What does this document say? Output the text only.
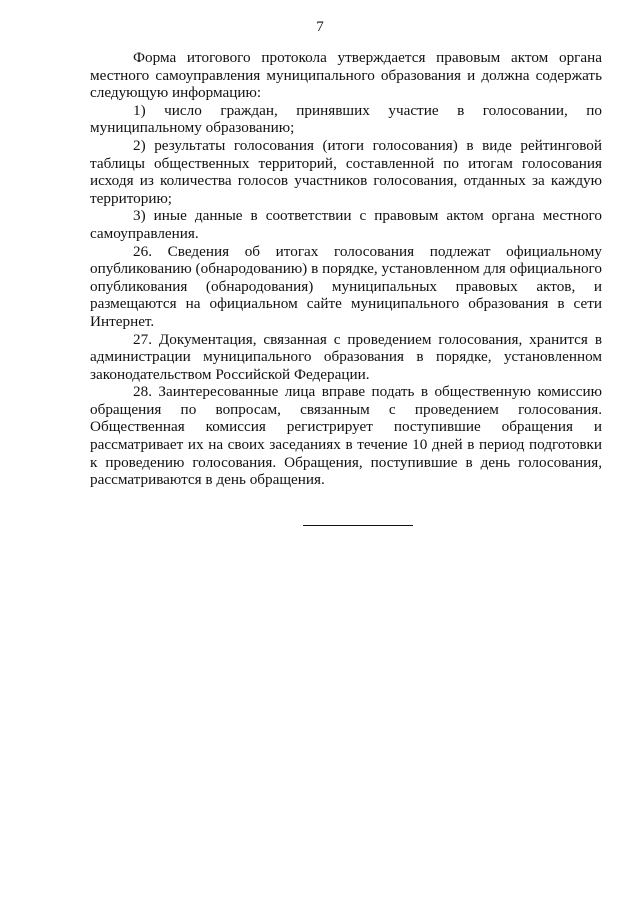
7

Форма итогового протокола утверждается правовым актом органа местного самоуправления муниципального образования и должна содержать следующую информацию:

1) число граждан, принявших участие в голосовании, по муниципальному образованию;

2) результаты голосования (итоги голосования) в виде рейтинговой таблицы общественных территорий, составленной по итогам голосования исходя из количества голосов участников голосования, отданных за каждую территорию;

3) иные данные в соответствии с правовым актом органа местного самоуправления.

26. Сведения об итогах голосования подлежат официальному опубликованию (обнародованию) в порядке, установленном для официального опубликования (обнародования) муниципальных правовых актов, и размещаются на официальном сайте муниципального образования в сети Интернет.

27. Документация, связанная с проведением голосования, хранится в администрации муниципального образования в порядке, установленном законодательством Российской Федерации.

28. Заинтересованные лица вправе подать в общественную комиссию обращения по вопросам, связанным с проведением голосования. Общественная комиссия регистрирует поступившие обращения и рассматривает их на своих заседаниях в течение 10 дней в период подготовки к проведению голосования. Обращения, поступившие в день голосования, рассматриваются в день обращения.
